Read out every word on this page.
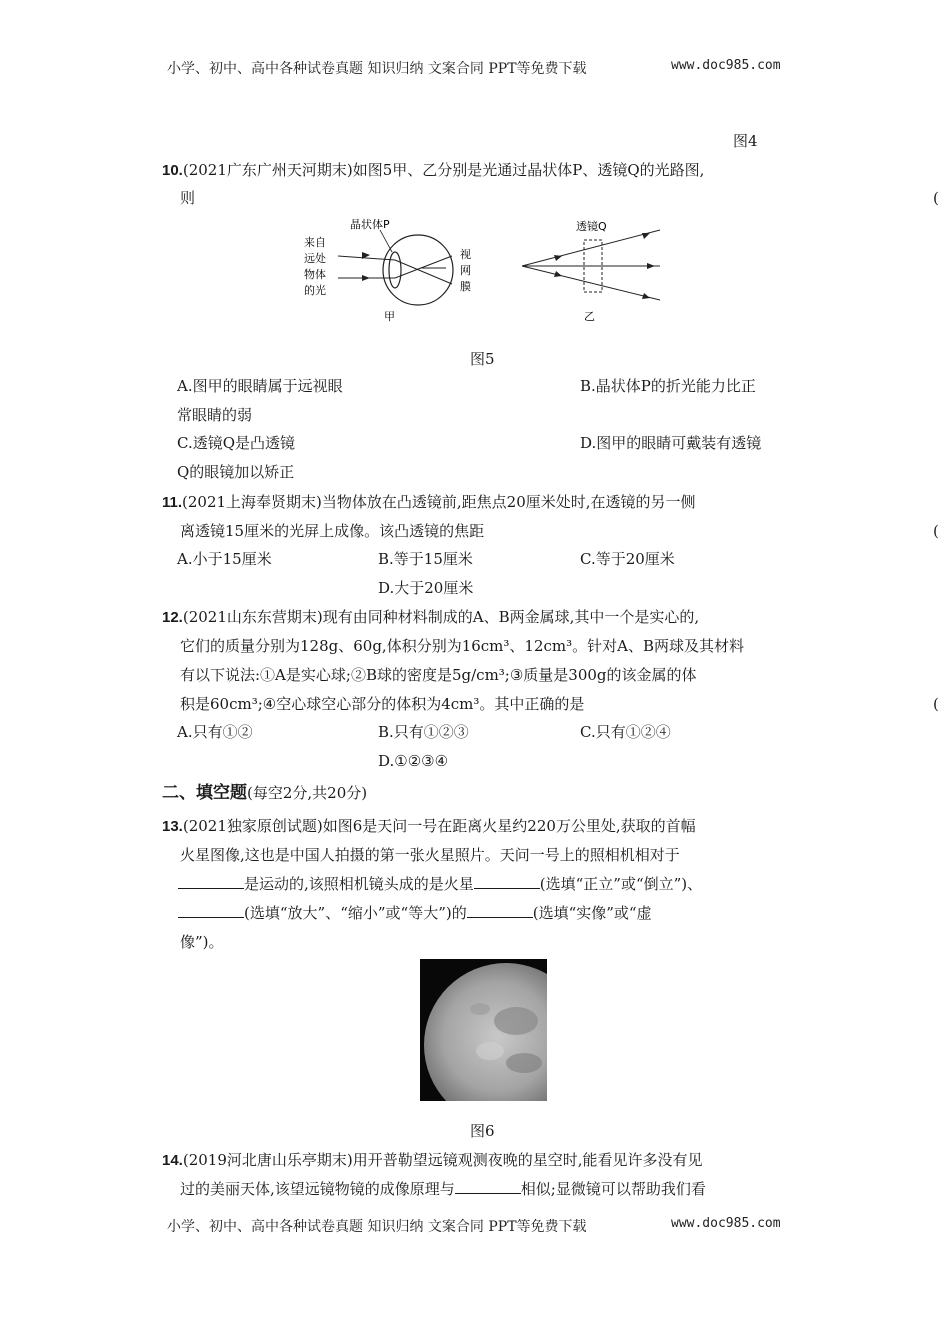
小学、初中、高中各种试卷真题 知识归纳 文案合同 PPT等免费下载	www.doc985.com
图4
10.(2021广东广州天河期末)如图5甲、乙分别是光通过晶状体P、透镜Q的光路图,
则	(
来自
远处
物体
的光
晶状体P
视
网
膜
甲
透镜Q
乙
图5
A.图甲的眼睛属于远视眼	B.晶状体P的折光能力比正
常眼睛的弱
C.透镜Q是凸透镜	D.图甲的眼睛可戴装有透镜
Q的眼镜加以矫正
11.(2021上海奉贤期末)当物体放在凸透镜前,距焦点20厘米处时,在透镜的另一侧
离透镜15厘米的光屏上成像。该凸透镜的焦距	(
A.小于15厘米	B.等于15厘米	C.等于20厘米
D.大于20厘米
12.(2021山东东营期末)现有由同种材料制成的A、B两金属球,其中一个是实心的,
它们的质量分别为128g、60g,体积分别为16cm³、12cm³。针对A、B两球及其材料
有以下说法:①A是实心球;②B球的密度是5g/cm³;③质量是300g的该金属的体
积是60cm³;④空心球空心部分的体积为4cm³。其中正确的是	(
A.只有①②	B.只有①②③	C.只有①②④
D.①②③④
二、填空题(每空2分,共20分)
13.(2021独家原创试题)如图6是天问一号在距离火星约220万公里处,获取的首幅
火星图像,这也是中国人拍摄的第一张火星照片。天问一号上的照相机相对于
是运动的,该照相机镜头成的是火星	(选填“正立”或“倒立”)、
(选填“放大”、“缩小”或“等大”)的	(选填“实像”或“虚
像”)。
图6
14.(2019河北唐山乐亭期末)用开普勒望远镜观测夜晚的星空时,能看见许多没有见
过的美丽天体,该望远镜物镜的成像原理与	相似;显微镜可以帮助我们看
小学、初中、高中各种试卷真题 知识归纳 文案合同 PPT等免费下载	www.doc985.com
